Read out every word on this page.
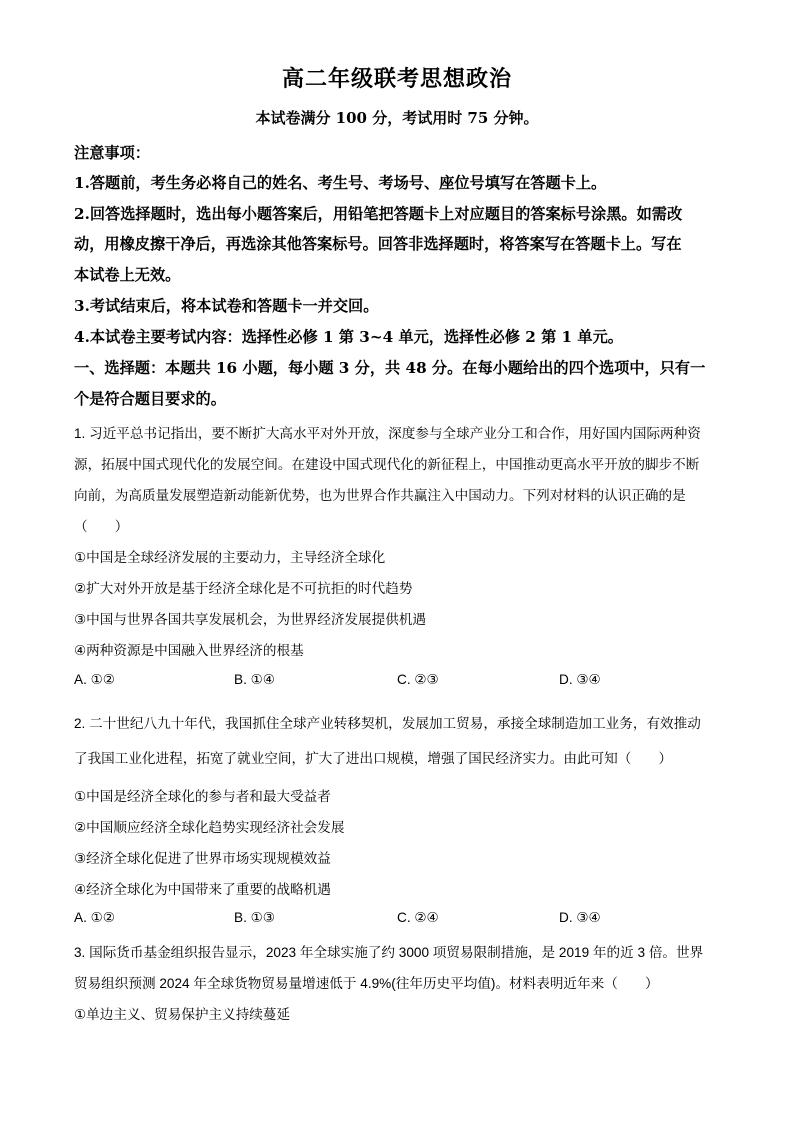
高二年级联考思想政治
本试卷满分 100 分，考试用时 75 分钟。
注意事项：
1.答题前，考生务必将自己的姓名、考生号、考场号、座位号填写在答题卡上。
2.回答选择题时，选出每小题答案后，用铅笔把答题卡上对应题目的答案标号涂黑。如需改
动，用橡皮擦干净后，再选涂其他答案标号。回答非选择题时，将答案写在答题卡上。写在
本试卷上无效。
3.考试结束后，将本试卷和答题卡一并交回。
4.本试卷主要考试内容：选择性必修 1 第 3~4 单元，选择性必修 2 第 1 单元。
一、选择题：本题共 16 小题，每小题 3 分，共 48 分。在每小题给出的四个选项中，只有一
个是符合题目要求的。
1. 习近平总书记指出，要不断扩大高水平对外开放，深度参与全球产业分工和合作，用好国内国际两种资
源，拓展中国式现代化的发展空间。在建设中国式现代化的新征程上，中国推动更高水平开放的脚步不断
向前，为高质量发展塑造新动能新优势，也为世界合作共赢注入中国动力。下列对材料的认识正确的是
（　　）
①中国是全球经济发展的主要动力，主导经济全球化
②扩大对外开放是基于经济全球化是不可抗拒的时代趋势
③中国与世界各国共享发展机会，为世界经济发展提供机遇
④两种资源是中国融入世界经济的根基
A. ①②	B. ①④	C. ②③	D. ③④
2. 二十世纪八九十年代，我国抓住全球产业转移契机，发展加工贸易，承接全球制造加工业务，有效推动
了我国工业化进程，拓宽了就业空间，扩大了进出口规模，增强了国民经济实力。由此可知（　　）
①中国是经济全球化的参与者和最大受益者
②中国顺应经济全球化趋势实现经济社会发展
③经济全球化促进了世界市场实现规模效益
④经济全球化为中国带来了重要的战略机遇
A. ①②	B. ①③	C. ②④	D. ③④
3. 国际货币基金组织报告显示，2023 年全球实施了约 3000 项贸易限制措施，是 2019 年的近 3 倍。世界
贸易组织预测 2024 年全球货物贸易量增速低于 4.9%(往年历史平均值)。材料表明近年来（　　）
①单边主义、贸易保护主义持续蔓延
